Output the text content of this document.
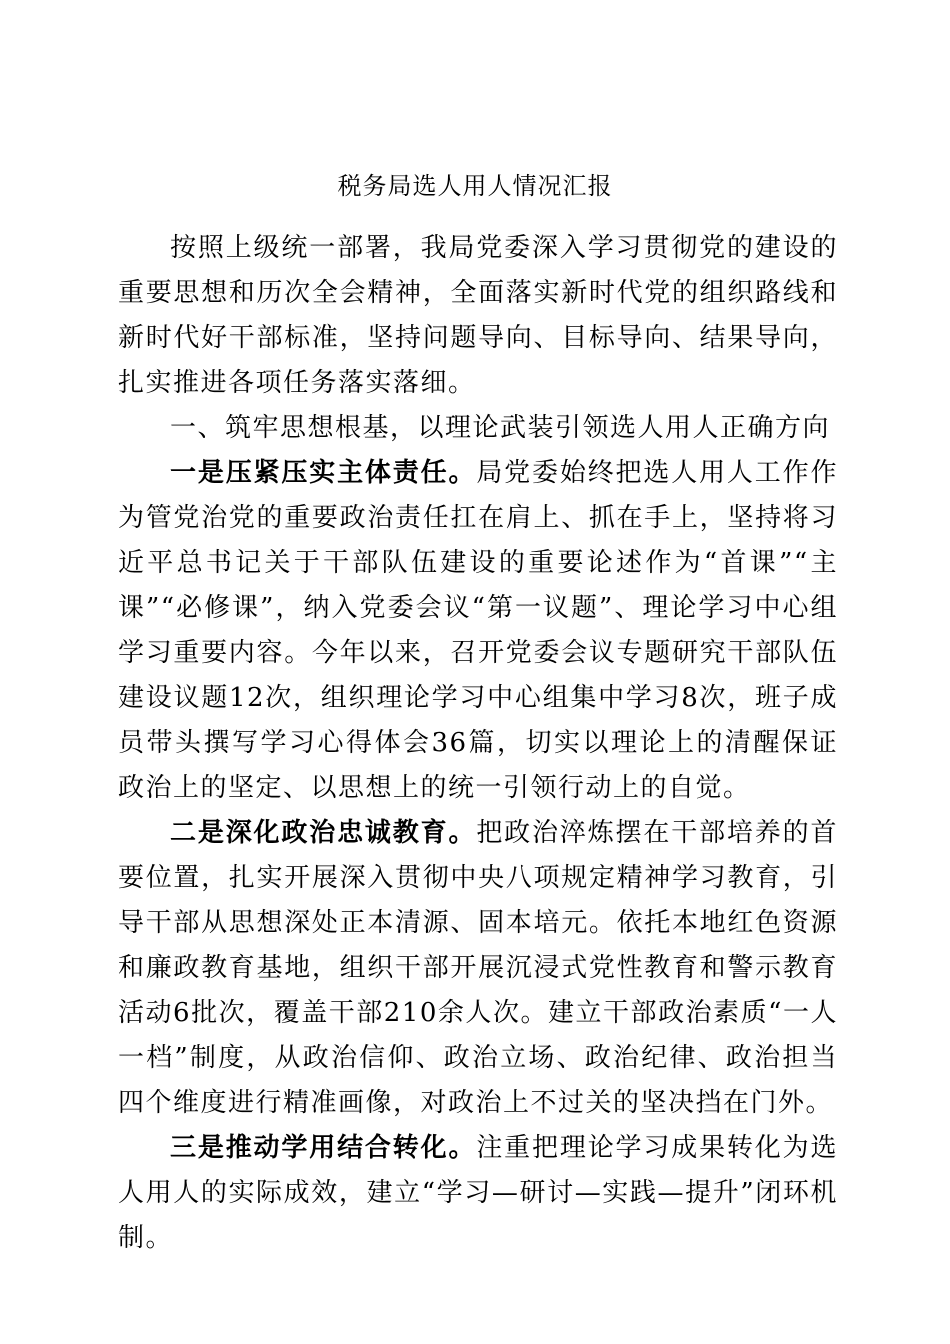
税务局选人用人情况汇报

按照上级统一部署，我局党委深入学习贯彻党的建设的重要思想和历次全会精神，全面落实新时代党的组织路线和新时代好干部标准，坚持问题导向、目标导向、结果导向，扎实推进各项任务落实落细。

一、筑牢思想根基，以理论武装引领选人用人正确方向

一是压紧压实主体责任。局党委始终把选人用人工作作为管党治党的重要政治责任扛在肩上、抓在手上，坚持将习近平总书记关于干部队伍建设的重要论述作为“首课”“主课”“必修课”，纳入党委会议“第一议题”、理论学习中心组学习重要内容。今年以来，召开党委会议专题研究干部队伍建设议题12次，组织理论学习中心组集中学习8次，班子成员带头撰写学习心得体会36篇，切实以理论上的清醒保证政治上的坚定、以思想上的统一引领行动上的自觉。

二是深化政治忠诚教育。把政治淬炼摆在干部培养的首要位置，扎实开展深入贯彻中央八项规定精神学习教育，引导干部从思想深处正本清源、固本培元。依托本地红色资源和廉政教育基地，组织干部开展沉浸式党性教育和警示教育活动6批次，覆盖干部210余人次。建立干部政治素质“一人一档”制度，从政治信仰、政治立场、政治纪律、政治担当四个维度进行精准画像，对政治上不过关的坚决挡在门外。

三是推动学用结合转化。注重把理论学习成果转化为选人用人的实际成效，建立“学习—研讨—实践—提升”闭环机制。
